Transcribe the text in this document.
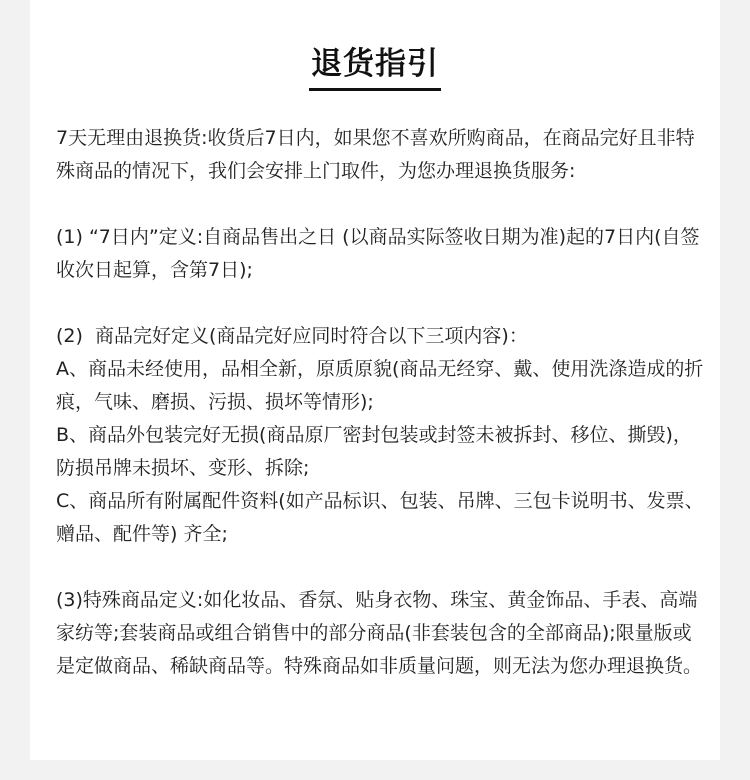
退货指引

7天无理由退换货:收货后7日内，如果您不喜欢所购商品，在商品完好且非特殊商品的情况下，我们会安排上门取件，为您办理退换货服务:

(1) “7日内”定义:自商品售出之日 (以商品实际签收日期为准)起的7日内(自签收次日起算，含第7日);

(2)  商品完好定义(商品完好应同时符合以下三项内容)：

A、商品未经使用，品相全新，原质原貌(商品无经穿、戴、使用洗涤造成的折痕，气味、磨损、污损、损坏等情形);

B、商品外包装完好无损(商品原厂密封包装或封签未被拆封、移位、撕毁)，防损吊牌未损坏、变形、拆除;

C、商品所有附属配件资料(如产品标识、包装、吊牌、三包卡说明书、发票、赠品、配件等) 齐全;

(3)特殊商品定义:如化妆品、香氛、贴身衣物、珠宝、黄金饰品、手表、高端家纺等;套装商品或组合销售中的部分商品(非套装包含的全部商品);限量版或是定做商品、稀缺商品等。特殊商品如非质量问题，则无法为您办理退换货。
